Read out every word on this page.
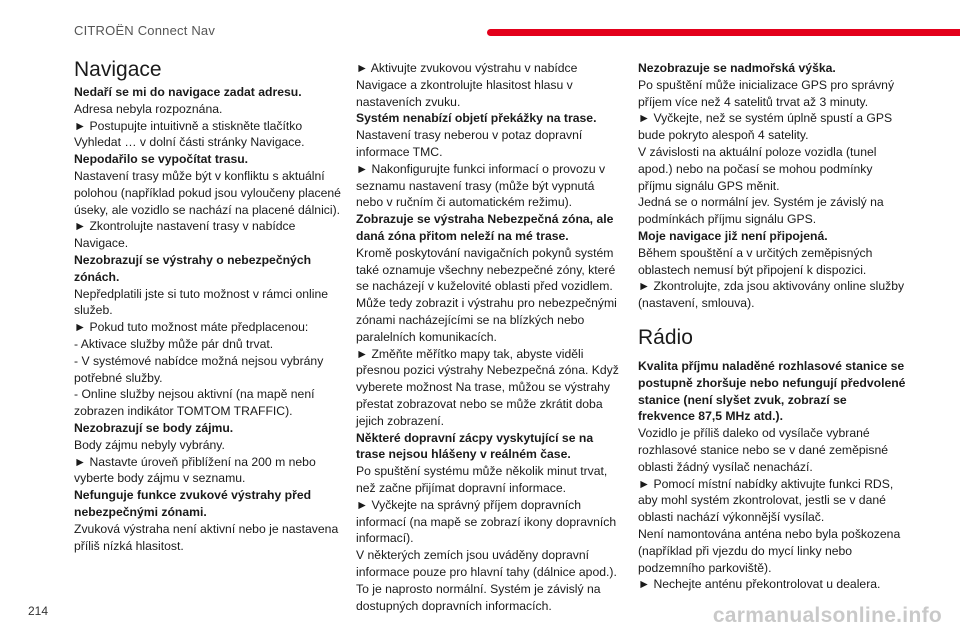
CITROËN Connect Nav
Navigace

Nedaří se mi do navigace zadat adresu.

Adresa nebyla rozpoznána.

► Postupujte intuitivně a stiskněte tlačítko Vyhledat … v dolní části stránky Navigace.

Nepodařilo se vypočítat trasu.

Nastavení trasy může být v konfliktu s aktuální polohou (například pokud jsou vyloučeny placené úseky, ale vozidlo se nachází na placené dálnici).

► Zkontrolujte nastavení trasy v nabídce Navigace.

Nezobrazují se výstrahy o nebezpečných zónách.

Nepředplatili jste si tuto možnost v rámci online služeb.

► Pokud tuto možnost máte předplacenou:

- Aktivace služby může pár dnů trvat.

- V systémové nabídce možná nejsou vybrány potřebné služby.

- Online služby nejsou aktivní (na mapě není zobrazen indikátor TOMTOM TRAFFIC).

Nezobrazují se body zájmu.

Body zájmu nebyly vybrány.

► Nastavte úroveň přiblížení na 200 m nebo vyberte body zájmu v seznamu.

Nefunguje funkce zvukové výstrahy před nebezpečnými zónami.

Zvuková výstraha není aktivní nebo je nastavena příliš nízká hlasitost.

► Aktivujte zvukovou výstrahu v nabídce Navigace a zkontrolujte hlasitost hlasu v nastaveních zvuku.

Systém nenabízí objetí překážky na trase.

Nastavení trasy neberou v potaz dopravní informace TMC.

► Nakonfigurujte funkci informací o provozu v seznamu nastavení trasy (může být vypnutá nebo v ručním či automatickém režimu).

Zobrazuje se výstraha Nebezpečná zóna, ale daná zóna přitom neleží na mé trase.

Kromě poskytování navigačních pokynů systém také oznamuje všechny nebezpečné zóny, které se nacházejí v kuželovité oblasti před vozidlem. Může tedy zobrazit i výstrahu pro nebezpečnými zónami nacházejícími se na blízkých nebo paralelních komunikacích.

► Změňte měřítko mapy tak, abyste viděli přesnou pozici výstrahy Nebezpečná zóna. Když vyberete možnost Na trase, můžou se výstrahy přestat zobrazovat nebo se může zkrátit doba jejich zobrazení.

Některé dopravní zácpy vyskytující se na trase nejsou hlášeny v reálném čase.

Po spuštění systému může několik minut trvat, než začne přijímat dopravní informace.

► Vyčkejte na správný příjem dopravních informací (na mapě se zobrazí ikony dopravních informací).

V některých zemích jsou uváděny dopravní informace pouze pro hlavní tahy (dálnice apod.). To je naprosto normální. Systém je závislý na dostupných dopravních informacích.

Nezobrazuje se nadmořská výška.

Po spuštění může inicializace GPS pro správný příjem více než 4 satelitů trvat až 3 minuty.

► Vyčkejte, než se systém úplně spustí a GPS bude pokryto alespoň 4 satelity.

V závislosti na aktuální poloze vozidla (tunel apod.) nebo na počasí se mohou podmínky příjmu signálu GPS měnit.

Jedná se o normální jev. Systém je závislý na podmínkách příjmu signálu GPS.

Moje navigace již není připojená.

Během spouštění a v určitých zeměpisných oblastech nemusí být připojení k dispozici.

► Zkontrolujte, zda jsou aktivovány online služby (nastavení, smlouva).

Rádio

Kvalita příjmu naladěné rozhlasové stanice se postupně zhoršuje nebo nefungují předvolené stanice (není slyšet zvuk, zobrazí se frekvence 87,5 MHz atd.).

Vozidlo je příliš daleko od vysílače vybrané rozhlasové stanice nebo se v dané zeměpisné oblasti žádný vysílač nenachází.

► Pomocí místní nabídky aktivujte funkci RDS, aby mohl systém zkontrolovat, jestli se v dané oblasti nachází výkonnější vysílač.

Není namontována anténa nebo byla poškozena (například při vjezdu do mycí linky nebo podzemního parkoviště).

► Nechejte anténu překontrolovat u dealera.

214	carmanualsonline.info
